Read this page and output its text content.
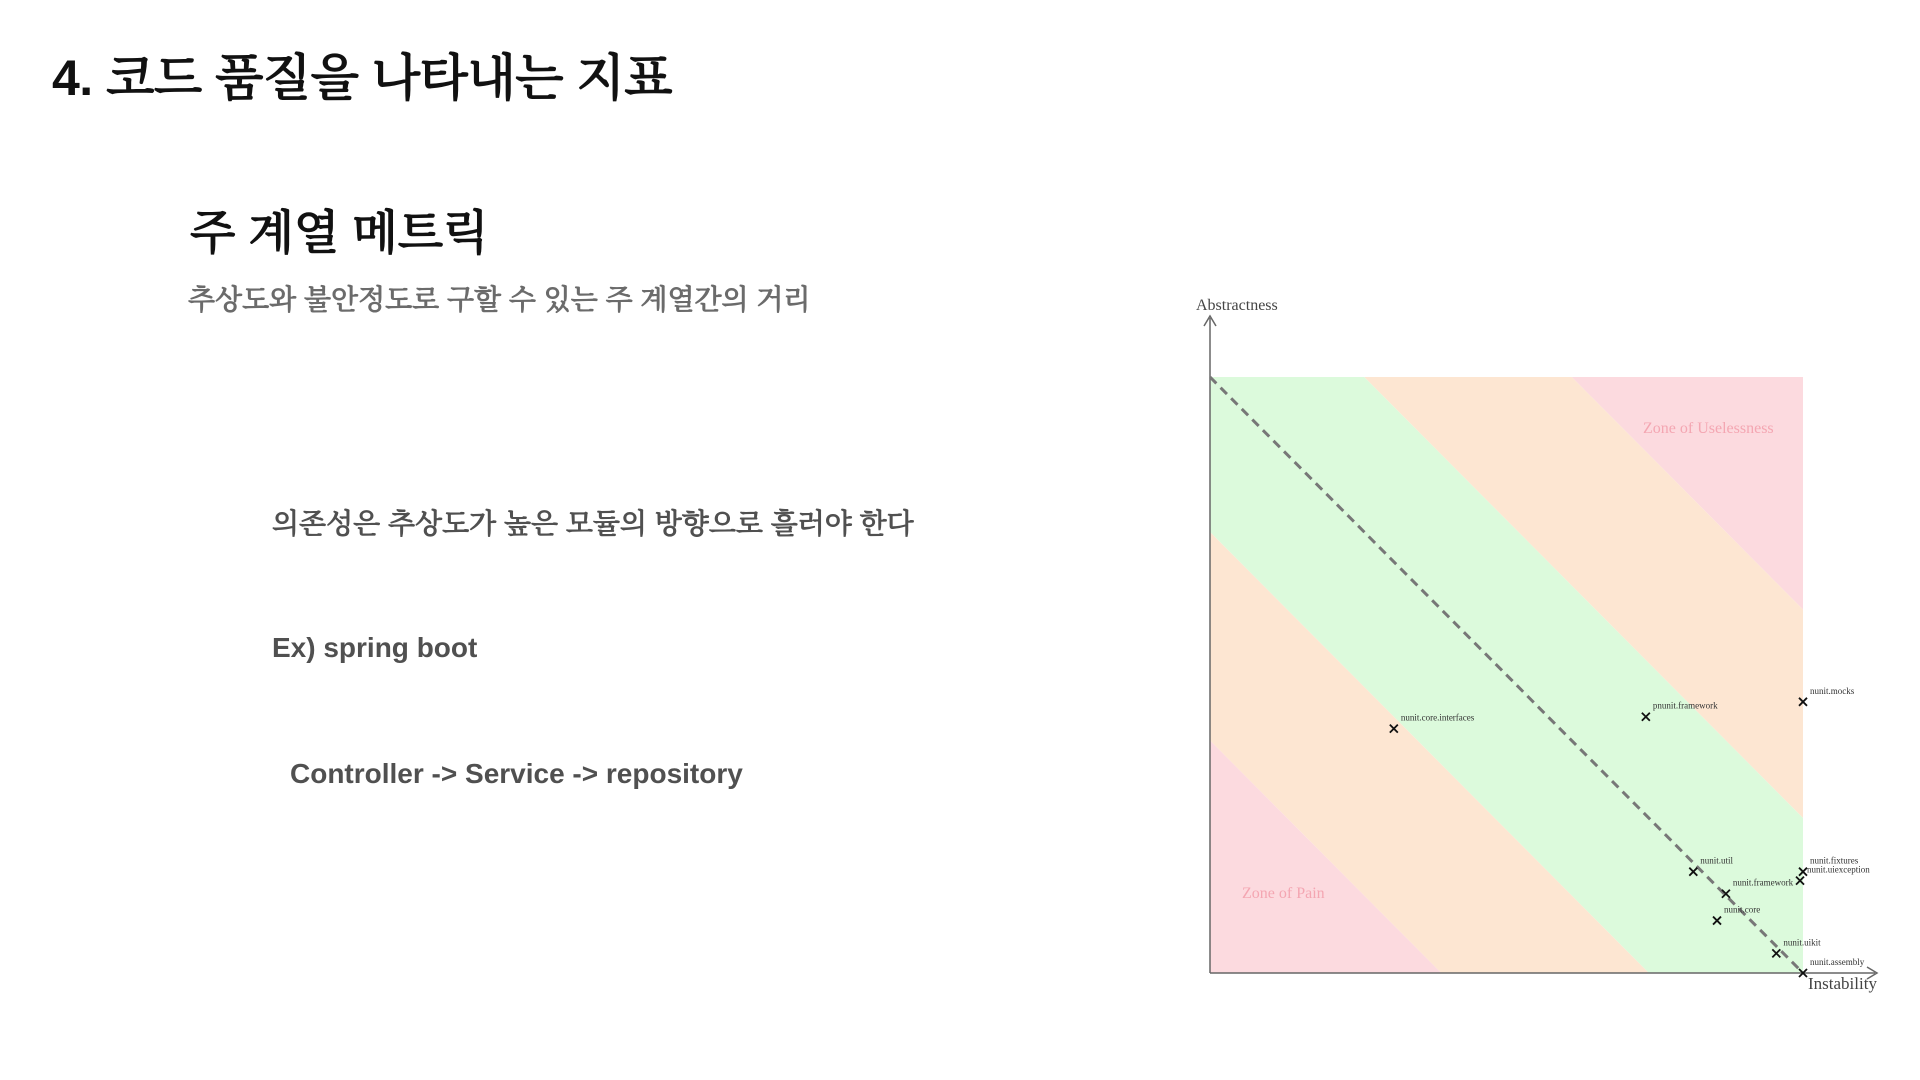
4. 코드 품질을 나타내는 지표
주 계열 메트릭
추상도와 불안정도로 구할 수 있는 주 계열간의 거리
의존성은 추상도가 높은 모듈의 방향으로 흘러야 한다
Ex) spring boot
Controller -> Service -> repository
Abstractness
Instability
Zone of Uselessness
Zone of Pain
nunit.core.interfaces
pnunit.framework
nunit.mocks
nunit.util	nunit.fixtures
nunit.uiexception
nunit.framework
nunit.core
nunit.uikit
nunit.assembly
